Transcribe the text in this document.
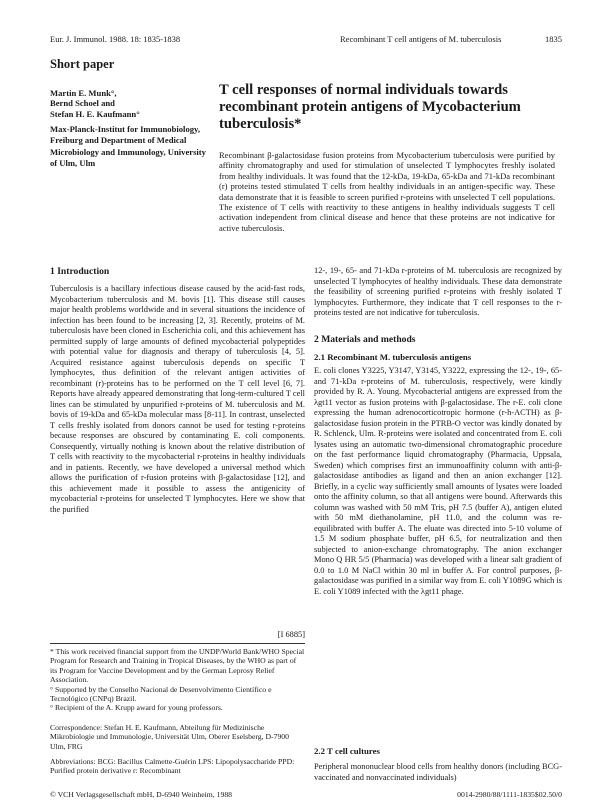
Eur. J. Immunol. 1988. 18: 1835-1838	Recombinant T cell antigens of M. tuberculosis	1835
Short paper
Martin E. Munk°,
Bernd Schoel and
Stefan H. E. Kaufmann°
Max-Planck-Institut for Immunobiology, Freiburg and Department of Medical Microbiology and Immunology, University of Ulm, Ulm
T cell responses of normal individuals towards recombinant protein antigens of Mycobacterium tuberculosis*
Recombinant β-galactosidase fusion proteins from Mycobacterium tuberculosis were purified by affinity chromatography and used for stimulation of unselected T lymphocytes freshly isolated from healthy individuals. It was found that the 12-kDa, 19-kDa, 65-kDa and 71-kDa recombinant (r) proteins tested stimulated T cells from healthy individuals in an antigen-specific way. These data demonstrate that it is feasible to screen purified r-proteins with unselected T cell populations. The existence of T cells with reactivity to these antigens in healthy individuals suggests T cell activation independent from clinical disease and hence that these proteins are not indicative for active tuberculosis.
1 Introduction
Tuberculosis is a bacillary infectious disease caused by the acid-fast rods, Mycobacterium tuberculosis and M. bovis [1]. This disease still causes major health problems worldwide and in several situations the incidence of infection has been found to be increasing [2, 3]. Recently, proteins of M. tuberculosis have been cloned in Escherichia coli, and this achievement has permitted supply of large amounts of defined mycobacterial polypeptides with potential value for diagnosis and therapy of tuberculosis [4, 5]. Acquired resistance against tuberculosis depends on specific T lymphocytes, thus definition of the relevant antigen activities of recombinant (r)-proteins has to be performed on the T cell level [6, 7]. Reports have already appeared demonstrating that long-term-cultured T cell lines can be stimulated by unpurified r-proteins of M. tuberculosis and M. bovis of 19-kDa and 65-kDa molecular mass [8-11]. In contrast, unselected T cells freshly isolated from donors cannot be used for testing r-proteins because responses are obscured by contaminating E. coli components. Consequently, virtually nothing is known about the relative distribution of T cells with reactivity to the mycobacterial r-proteins in healthy individuals and in patients. Recently, we have developed a universal method which allows the purification of r-fusion proteins with β-galactosidase [12], and this achievement made it possible to assess the antigenicity of mycobacterial r-proteins for unselected T lymphocytes. Here we show that the purified
[I 6885]
* This work received financial support from the UNDP/World Bank/WHO Special Program for Research and Training in Tropical Diseases, by the WHO as part of its Program for Vaccine Development and by the German Leprosy Relief Association.
° Supported by the Conselho Nacional de Desenvolvimento Científico e Tecnológico (CNPq) Brazil.
° Recipient of the A. Krupp award for young professors.
Correspondence: Stefan H. E. Kaufmann, Abteilung für Medizinische Mikrobiologie und Immunologie, Universität Ulm, Oberer Eselsberg, D-7900 Ulm, FRG
Abbreviations: BCG: Bacillus Calmette-Guérin LPS: Lipopolysaccharide PPD: Purified protein derivative r: Recombinant
12-, 19-, 65- and 71-kDa r-proteins of M. tuberculosis are recognized by unselected T lymphocytes of healthy individuals. These data demonstrate the feasibility of screening purified r-proteins with freshly isolated T lymphocytes. Furthermore, they indicate that T cell responses to the r-proteins tested are not indicative for tuberculosis.
2 Materials and methods
2.1 Recombinant M. tuberculosis antigens
E. coli clones Y3225, Y3147, Y3145, Y3222, expressing the 12-, 19-, 65- and 71-kDa r-proteins of M. tuberculosis, respectively, were kindly provided by R. A. Young. Mycobacterial antigens are expressed from the λgt11 vector as fusion proteins with β-galactosidase. The r-E. coli clone expressing the human adrenocorticotropic hormone (r-h-ACTH) as β-galactosidase fusion protein in the PTRB-O vector was kindly donated by R. Schlenck, Ulm. R-proteins were isolated and concentrated from E. coli lysates using an automatic two-dimensional chromatographic procedure on the fast performance liquid chromatography (Pharmacia, Uppsala, Sweden) which comprises first an immunoaffinity column with anti-β-galactosidase antibodies as ligand and then an anion exchanger [12]. Briefly, in a cyclic way sufficiently small amounts of lysates were loaded onto the affinity column, so that all antigens were bound. Afterwards this column was washed with 50 mM Tris, pH 7.5 (buffer A), antigen eluted with 50 mM diethanolamine, pH 11.0, and the column was re-equilibrated with buffer A. The eluate was directed into 5-10 volume of 1.5 M sodium phosphate buffer, pH 6.5, for neutralization and then subjected to anion-exchange chromatography. The anion exchanger Mono Q HR 5/5 (Pharmacia) was developed with a linear salt gradient of 0.0 to 1.0 M NaCl within 30 ml in buffer A. For control purposes, β-galactosidase was purified in a similar way from E. coli Y1089G which is E. coli Y1089 infected with the λgt11 phage.
2.2 T cell cultures
Peripheral mononuclear blood cells from healthy donors (including BCG-vaccinated and nonvaccinated individuals)
© VCH Verlagsgesellschaft mbH, D-6940 Weinheim, 1988	0014-2980/88/1111-1835$02.50/0
